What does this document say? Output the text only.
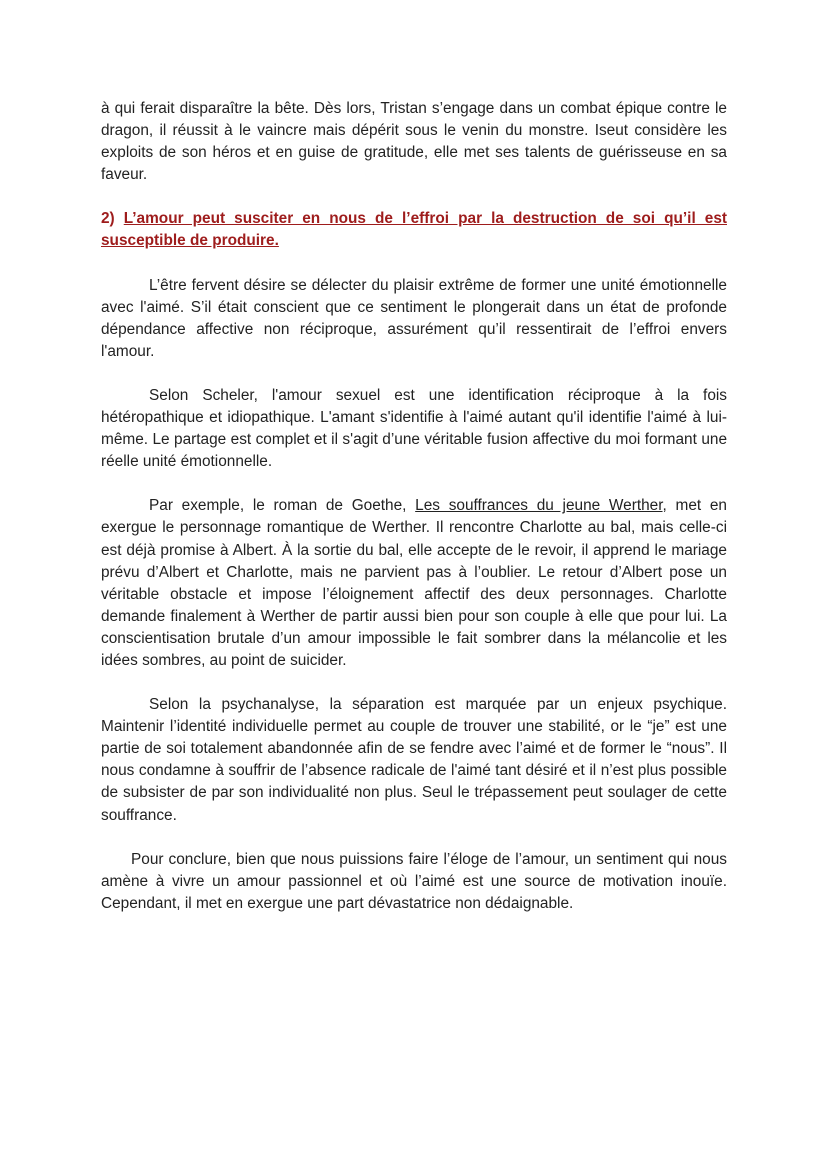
à qui ferait disparaître la bête. Dès lors, Tristan s’engage dans un combat épique contre le dragon, il réussit à le vaincre mais dépérit sous le venin du monstre. Iseut considère les exploits de son héros et en guise de gratitude, elle met ses talents de guérisseuse en sa faveur.

2) L’amour peut susciter en nous de l’effroi par la destruction de soi qu’il est susceptible de produire.

L’être fervent désire se délecter du plaisir extrême de former une unité émotionnelle avec l'aimé. S’il était conscient que ce sentiment le plongerait dans un état de profonde dépendance affective non réciproque, assurément qu’il ressentirait de l’effroi envers l'amour.

Selon Scheler, l'amour sexuel est une identification réciproque à la fois hétéropathique et idiopathique. L'amant s'identifie à l'aimé autant qu'il identifie l'aimé à lui-même. Le partage est complet et il s'agit d’une véritable fusion affective du moi formant une réelle unité émotionnelle.

Par exemple, le roman de Goethe, Les souffrances du jeune Werther, met en exergue le personnage romantique de Werther. Il rencontre Charlotte au bal, mais celle-ci est déjà promise à Albert. À la sortie du bal, elle accepte de le revoir, il apprend le mariage prévu d’Albert et Charlotte, mais ne parvient pas à l’oublier. Le retour d’Albert pose un véritable obstacle et impose l’éloignement affectif des deux personnages. Charlotte demande finalement à Werther de partir aussi bien pour son couple à elle que pour lui. La conscientisation brutale d’un amour impossible le fait sombrer dans la mélancolie et les idées sombres, au point de suicider.

Selon la psychanalyse, la séparation est marquée par un enjeux psychique. Maintenir l’identité individuelle permet au couple de trouver une stabilité, or le “je” est une partie de soi totalement abandonnée afin de se fendre avec l’aimé et de former le “nous”. Il nous condamne à souffrir de l’absence radicale de l'aimé tant désiré et il n’est plus possible de subsister de par son individualité non plus. Seul le trépassement peut soulager de cette souffrance.

Pour conclure, bien que nous puissions faire l’éloge de l’amour, un sentiment qui nous amène à vivre un amour passionnel et où l’aimé est une source de motivation inouïe. Cependant, il met en exergue une part dévastatrice non dédaignable.
